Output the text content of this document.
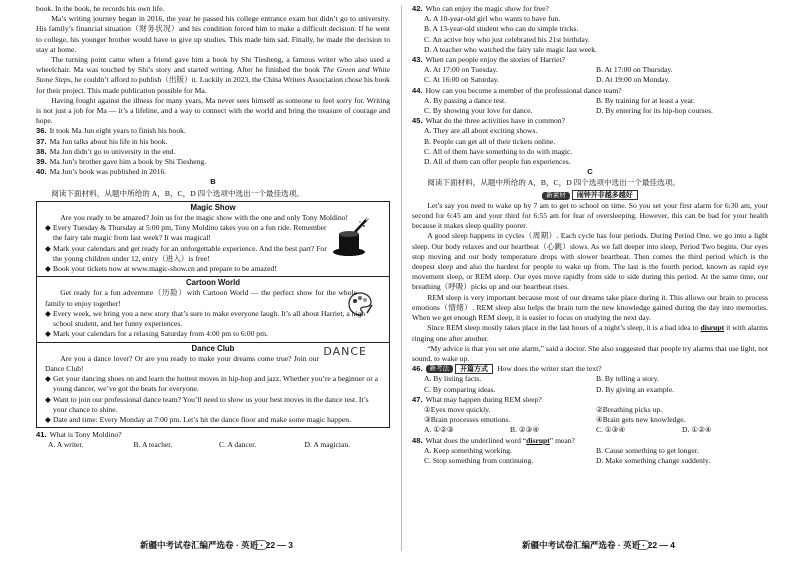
book. In the book, he records his own life.

Ma’s writing journey began in 2016, the year he passed his college entrance exam but didn’t go to university. His family’s financial situation（财务状况）and his condition forced him to make a difficult decision: If he went to college, his younger brother would have to give up studies. This made him sad. Finally, he made the decision to stay at home.

The turning point came when a friend gave him a book by Shi Tiesheng, a famous writer who also used a wheelchair. Ma was touched by Shi’s story and started writing. After he finished the book The Green and White Stone Steps, he couldn’t afford to publish（出版）it. Luckily in 2023, the China Writers Association chose his book for their project. This made publication possible for Ma.

Having fought against the illness for many years, Ma never sees himself as someone to feel sorry for. Writing is not just a job for Ma — it’s a lifeline, and a way to connect with the world and bring the treasure of courage and hope.

36. It took Ma Jun eight years to finish his book.
37. Ma Jun talks about his life in his book.
38. Ma Jun didn’t go to university in the end.
39. Ma Jun’s brother gave him a book by Shi Tiesheng.
40. Ma Jun’s book was published in 2016.

B

阅读下面材料，从题中所给的 A，B，C，D 四个选项中选出一个最佳选项。

Magic Show

Are you ready to be amazed? Join us for the magic show with the one and only Tony Moldino!

◆ Every Tuesday & Thursday at 5:00 pm, Tony Moldino takes you on a fun ride. Remember the fairy tale magic from last week? It was magical!
◆ Mark your calendars and get ready for an unforgettable experience. And the best part? For the young children under 12, entry（进入）is free!
◆ Book your tickets now at www.magic-show.cn and prepare to be amazed!

Cartoon World

Get ready for a fun adventure（历险）with Cartoon World — the perfect show for the whole family to enjoy together!

◆ Every week, we bring you a new story that’s sure to make everyone laugh. It’s all about Harriet, a high school student, and her funny experiences.
◆ Mark your calendars for a relaxing Saturday from 4:00 pm to 6:00 pm.
DANCE

Dance Club

Are you a dance lover? Or are you ready to make your dreams come true? Join our Dance Club!

◆ Get your dancing shoes on and learn the hottest moves in hip-hop and jazz. Whether you’re a beginner or a young dancer, we’ve got the beats for everyone.
◆ Want to join our professional dance team? You’ll need to show us your best moves in the dance test. It’s your chance to shine.
◆ Date and time: Every Monday at 7:00 pm. Let’s hit the dance floor and make some magic happen.
41. What is Tony Moldino?
A. A writer.	B. A teacher.	C. A dancer.	D. A magician.
42. Who can enjoy the magic show for free?
A. A 10-year-old girl who wants to have fun.
B. A 13-year-old student who can do simple tricks.
C. An active boy who just celebrated his 21st birthday.
D. A teacher who watched the fairy tale magic last week.
43. When can people enjoy the stories of Harriet?
A. At 17:00 on Tuesday.	B. At 17:00 on Thursday.
C. At 16:00 on Saturday.	D. At 19:00 on Monday.
44. How can you become a member of the professional dance team?
A. By passing a dance test.	B. By training for at least a year.
C. By showing your love for dance.	D. By entering for its hip-hop courses.
45. What do the three activities have in common?
A. They are all about exciting shows.
B. People can get all of their tickets online.
C. All of them have something to do with magic.
D. All of them can offer people fun experiences.

C

阅读下面材料，从题中所给的 A，B，C，D 四个选项中选出一个最佳选项。

新素材 闹钟并非越多越好

Let’s say you need to wake up by 7 am to get to school on time. So you set your first alarm for 6:30 am, your second for 6:45 am and your third for 6:55 am for fear of oversleeping. However, this can be bad for your health because it makes sleep quality poorer.

A good sleep happens in cycles（周期）. Each cycle has four periods. During Period One, we go into a light sleep. Our body relaxes and our heartbeat（心跳）slows. As we fall deeper into sleep, Period Two begins. Our eyes stop moving and our body temperature drops with slower heartbeat. Then comes the third period which is the deepest sleep and also the hardest for people to wake up from. The last is the fourth period, known as rapid eye movement sleep, or REM sleep. Our eyes move rapidly from side to side during this period. At the same time, our breathing（呼吸）picks up and our heartbeat rises.

REM sleep is very important because most of our dreams take place during it. This allows our brain to process emotions（情绪）. REM sleep also helps the brain turn the new knowledge gained during the day into memories. When we get enough REM sleep, it is easier to focus on studying the next day.

Since REM sleep mostly takes place in the last hours of a night’s sleep, it is a bad idea to disrupt it with alarms ringing one after another.

“My advice is that you set one alarm,” said a doctor. She also suggested that people try alarms that use light, not sound, to wake up.

46.	新考法	开篇方式	How does the writer start the text?
A. By listing facts.	B. By telling a story.
C. By comparing ideas.	D. By giving an example.
47. What may happen during REM sleep?
①Eyes move quickly.	②Breathing picks up.
③Brain processes emotions.	④Brain gets new knowledge.
A. ①②③	B. ②③④	C. ①③④	D. ①②④
48. What does the underlined word “disrupt” mean?
A. Keep something working.	B. Cause something to get longer.
C. Stop something from continuing.	D. Make something change suddenly.
新疆中考试卷汇编严选卷 · 英语 · 22 — 3	新疆中考试卷汇编严选卷 · 英语 · 22 — 4
